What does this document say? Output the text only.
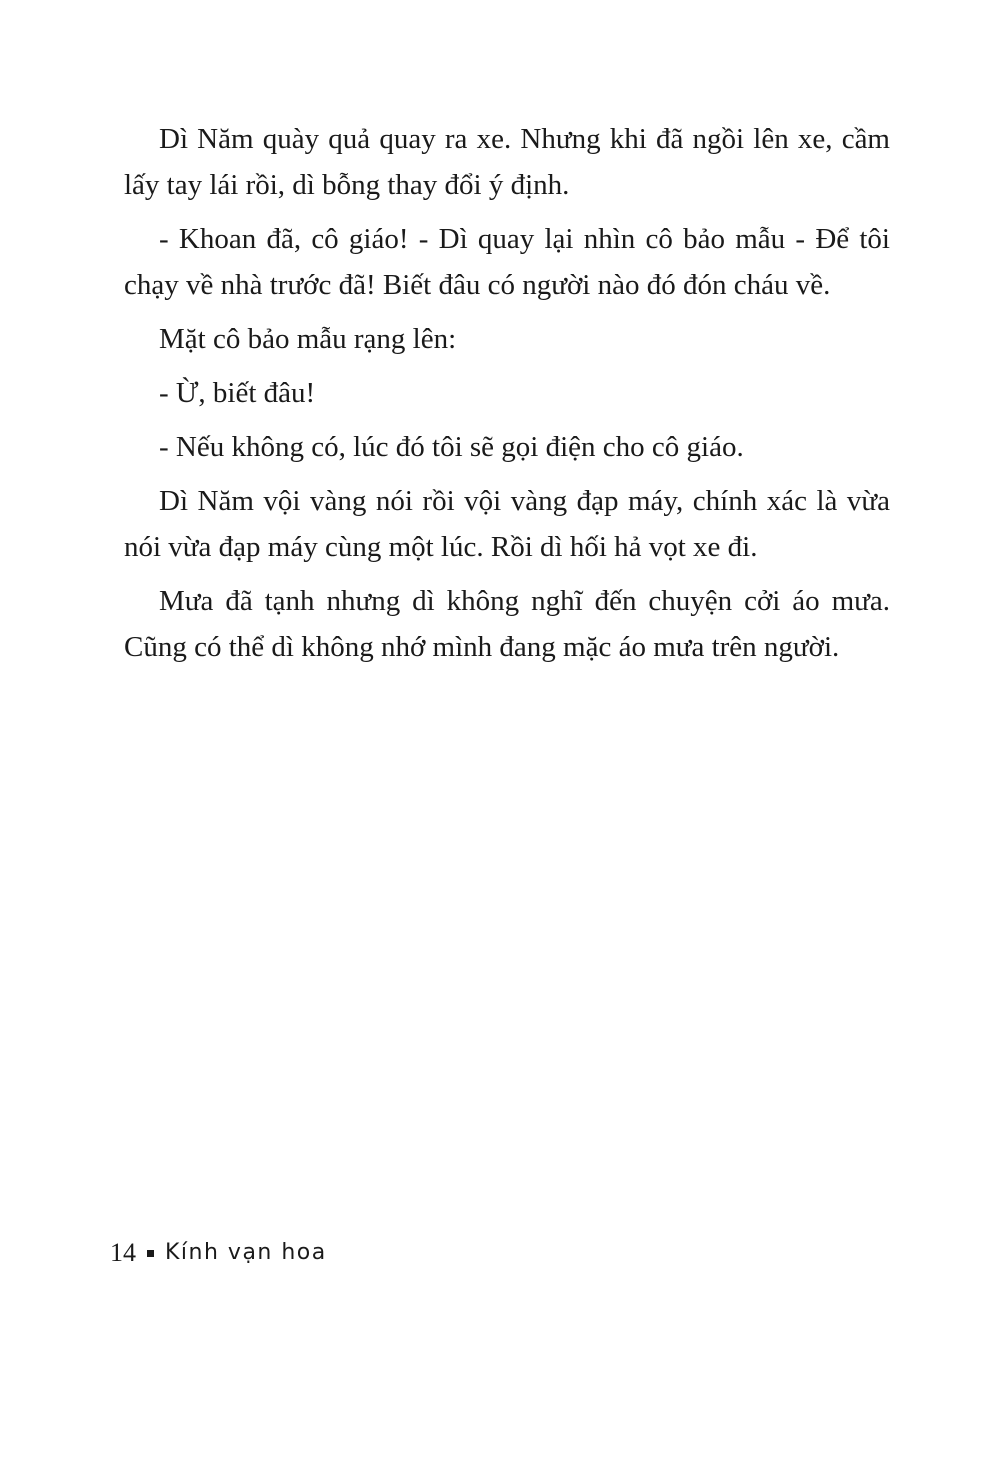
Dì Năm quày quả quay ra xe. Nhưng khi đã ngồi lên xe, cầm lấy tay lái rồi, dì bỗng thay đổi ý định.

- Khoan đã, cô giáo! - Dì quay lại nhìn cô bảo mẫu - Để tôi chạy về nhà trước đã! Biết đâu có người nào đó đón cháu về.

Mặt cô bảo mẫu rạng lên:

- Ừ, biết đâu!

- Nếu không có, lúc đó tôi sẽ gọi điện cho cô giáo.

Dì Năm vội vàng nói rồi vội vàng đạp máy, chính xác là vừa nói vừa đạp máy cùng một lúc. Rồi dì hối hả vọt xe đi.

Mưa đã tạnh nhưng dì không nghĩ đến chuyện cởi áo mưa. Cũng có thể dì không nhớ mình đang mặc áo mưa trên người.

14 Kính vạn hoa
